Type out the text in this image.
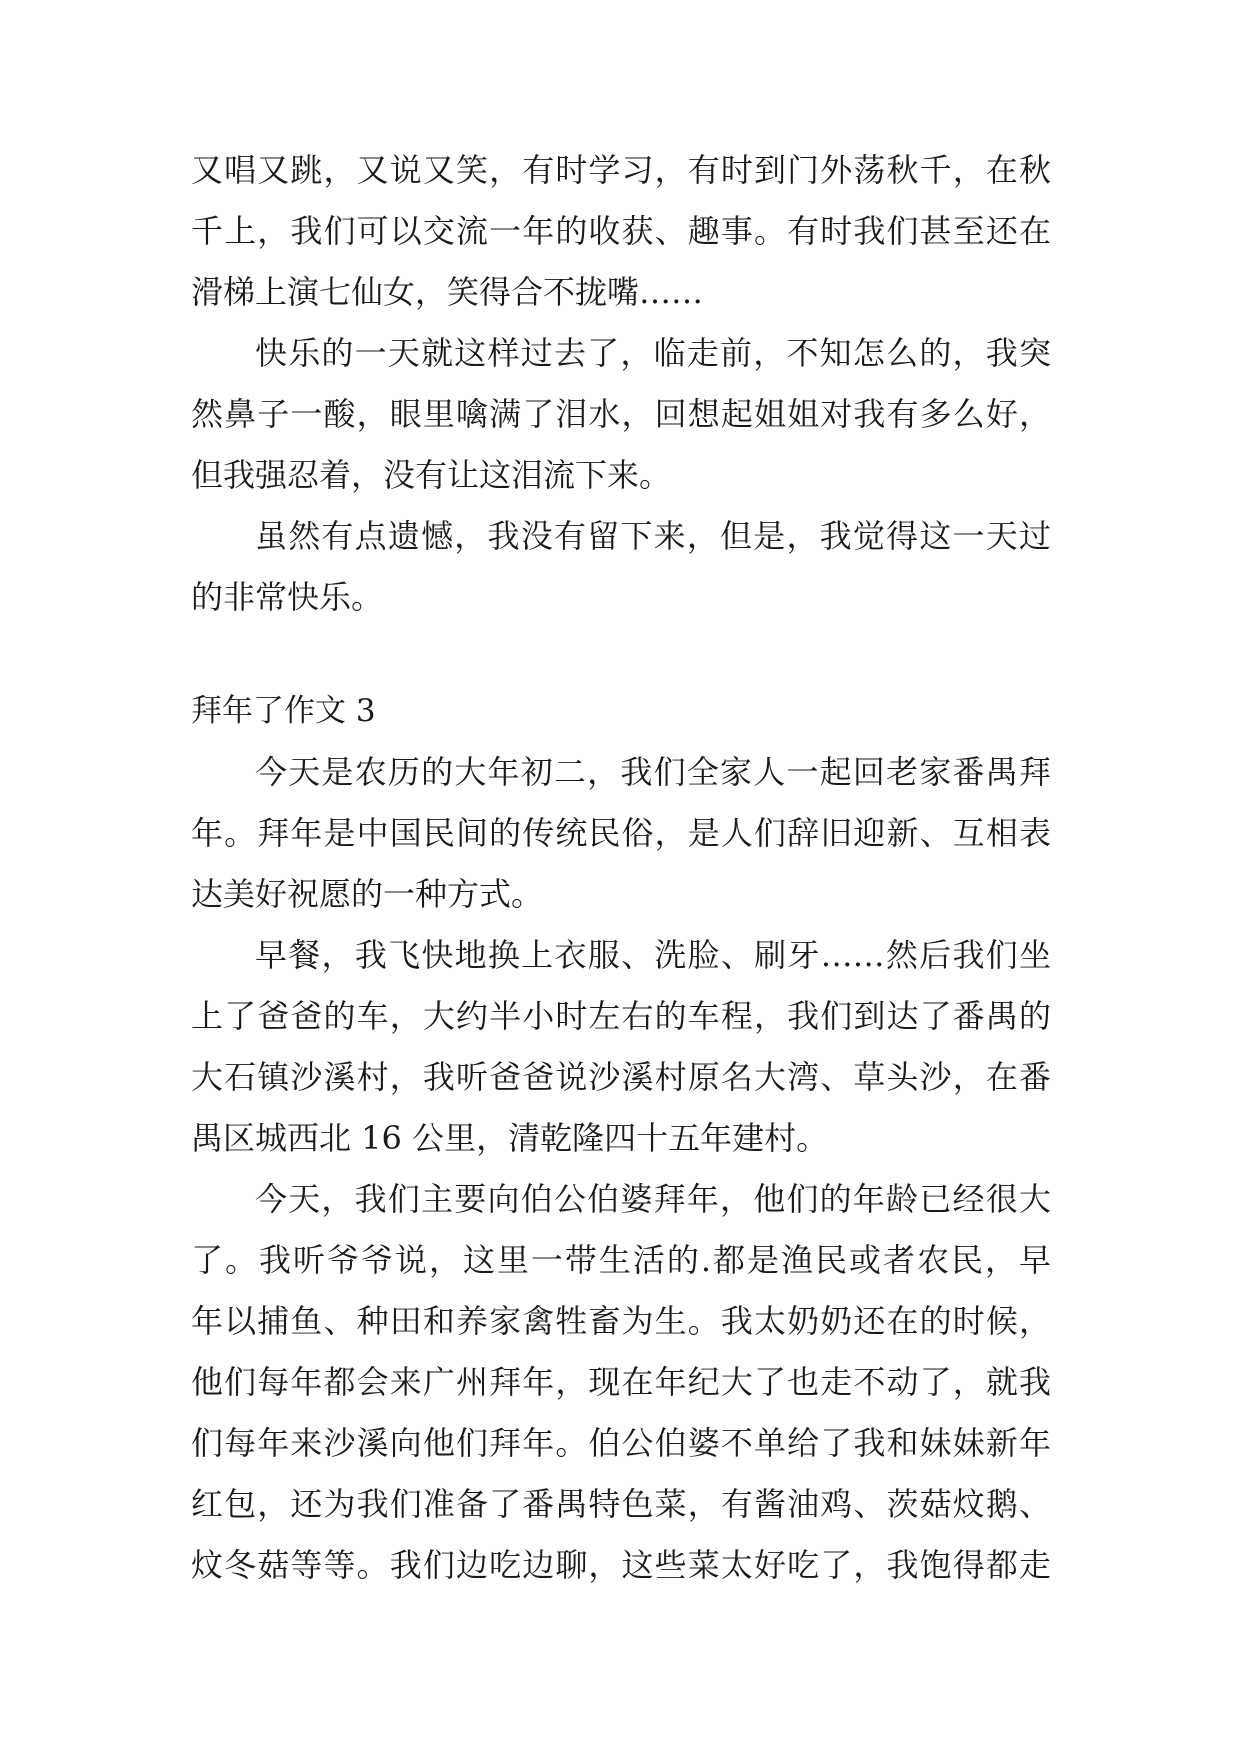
又唱又跳，又说又笑，有时学习，有时到门外荡秋千，在秋
千上，我们可以交流一年的收获、趣事。有时我们甚至还在
滑梯上演七仙女，笑得合不拢嘴……
快乐的一天就这样过去了，临走前，不知怎么的，我突
然鼻子一酸，眼里噙满了泪水，回想起姐姐对我有多么好，
但我强忍着，没有让这泪流下来。
虽然有点遗憾，我没有留下来，但是，我觉得这一天过
的非常快乐。
拜年了作文 3
今天是农历的大年初二，我们全家人一起回老家番禺拜
年。拜年是中国民间的传统民俗，是人们辞旧迎新、互相表
达美好祝愿的一种方式。
早餐，我飞快地换上衣服、洗脸、刷牙……然后我们坐
上了爸爸的车，大约半小时左右的车程，我们到达了番禺的
大石镇沙溪村，我听爸爸说沙溪村原名大湾、草头沙，在番
禺区城西北 16 公里，清乾隆四十五年建村。
今天，我们主要向伯公伯婆拜年，他们的年龄已经很大
了。我听爷爷说，这里一带生活的.都是渔民或者农民，早
年以捕鱼、种田和养家禽牲畜为生。我太奶奶还在的时候，
他们每年都会来广州拜年，现在年纪大了也走不动了，就我
们每年来沙溪向他们拜年。伯公伯婆不单给了我和妹妹新年
红包，还为我们准备了番禺特色菜，有酱油鸡、茨菇炆鹅、
炆冬菇等等。我们边吃边聊，这些菜太好吃了，我饱得都走
